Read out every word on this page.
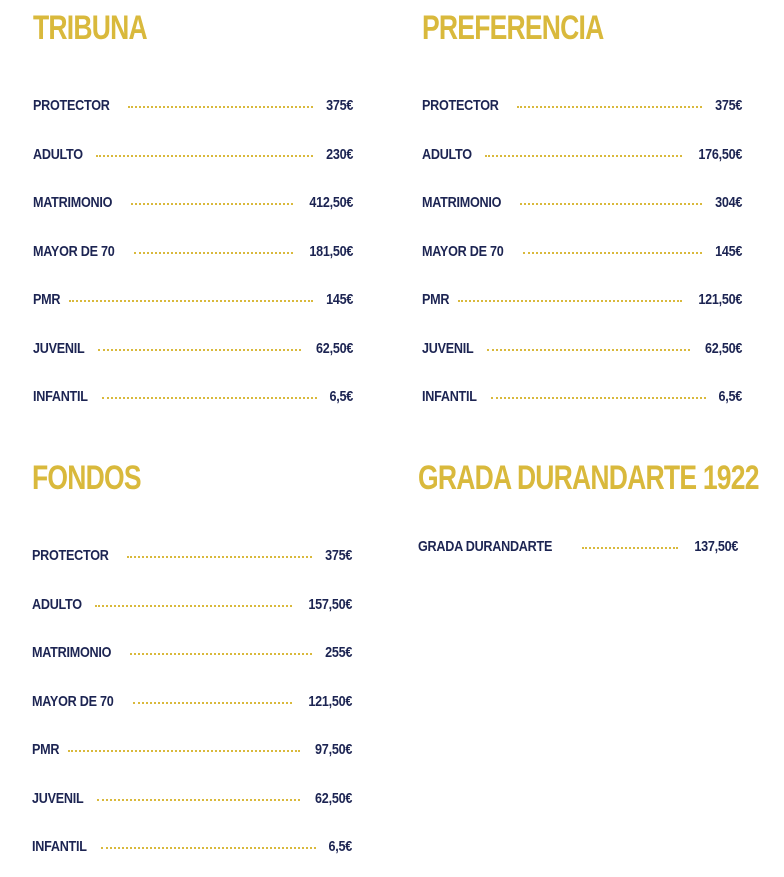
TRIBUNA
PROTECTOR	375€
ADULTO	230€
MATRIMONIO	412,50€
MAYOR DE 70	181,50€
PMR	145€
JUVENIL	62,50€
INFANTIL	6,5€
PREFERENCIA
PROTECTOR	375€
ADULTO	176,50€
MATRIMONIO	304€
MAYOR DE 70	145€
PMR	121,50€
JUVENIL	62,50€
INFANTIL	6,5€
FONDOS
PROTECTOR	375€
ADULTO	157,50€
MATRIMONIO	255€
MAYOR DE 70	121,50€
PMR	97,50€
JUVENIL	62,50€
INFANTIL	6,5€
GRADA DURANDARTE 1922
GRADA DURANDARTE	137,50€
